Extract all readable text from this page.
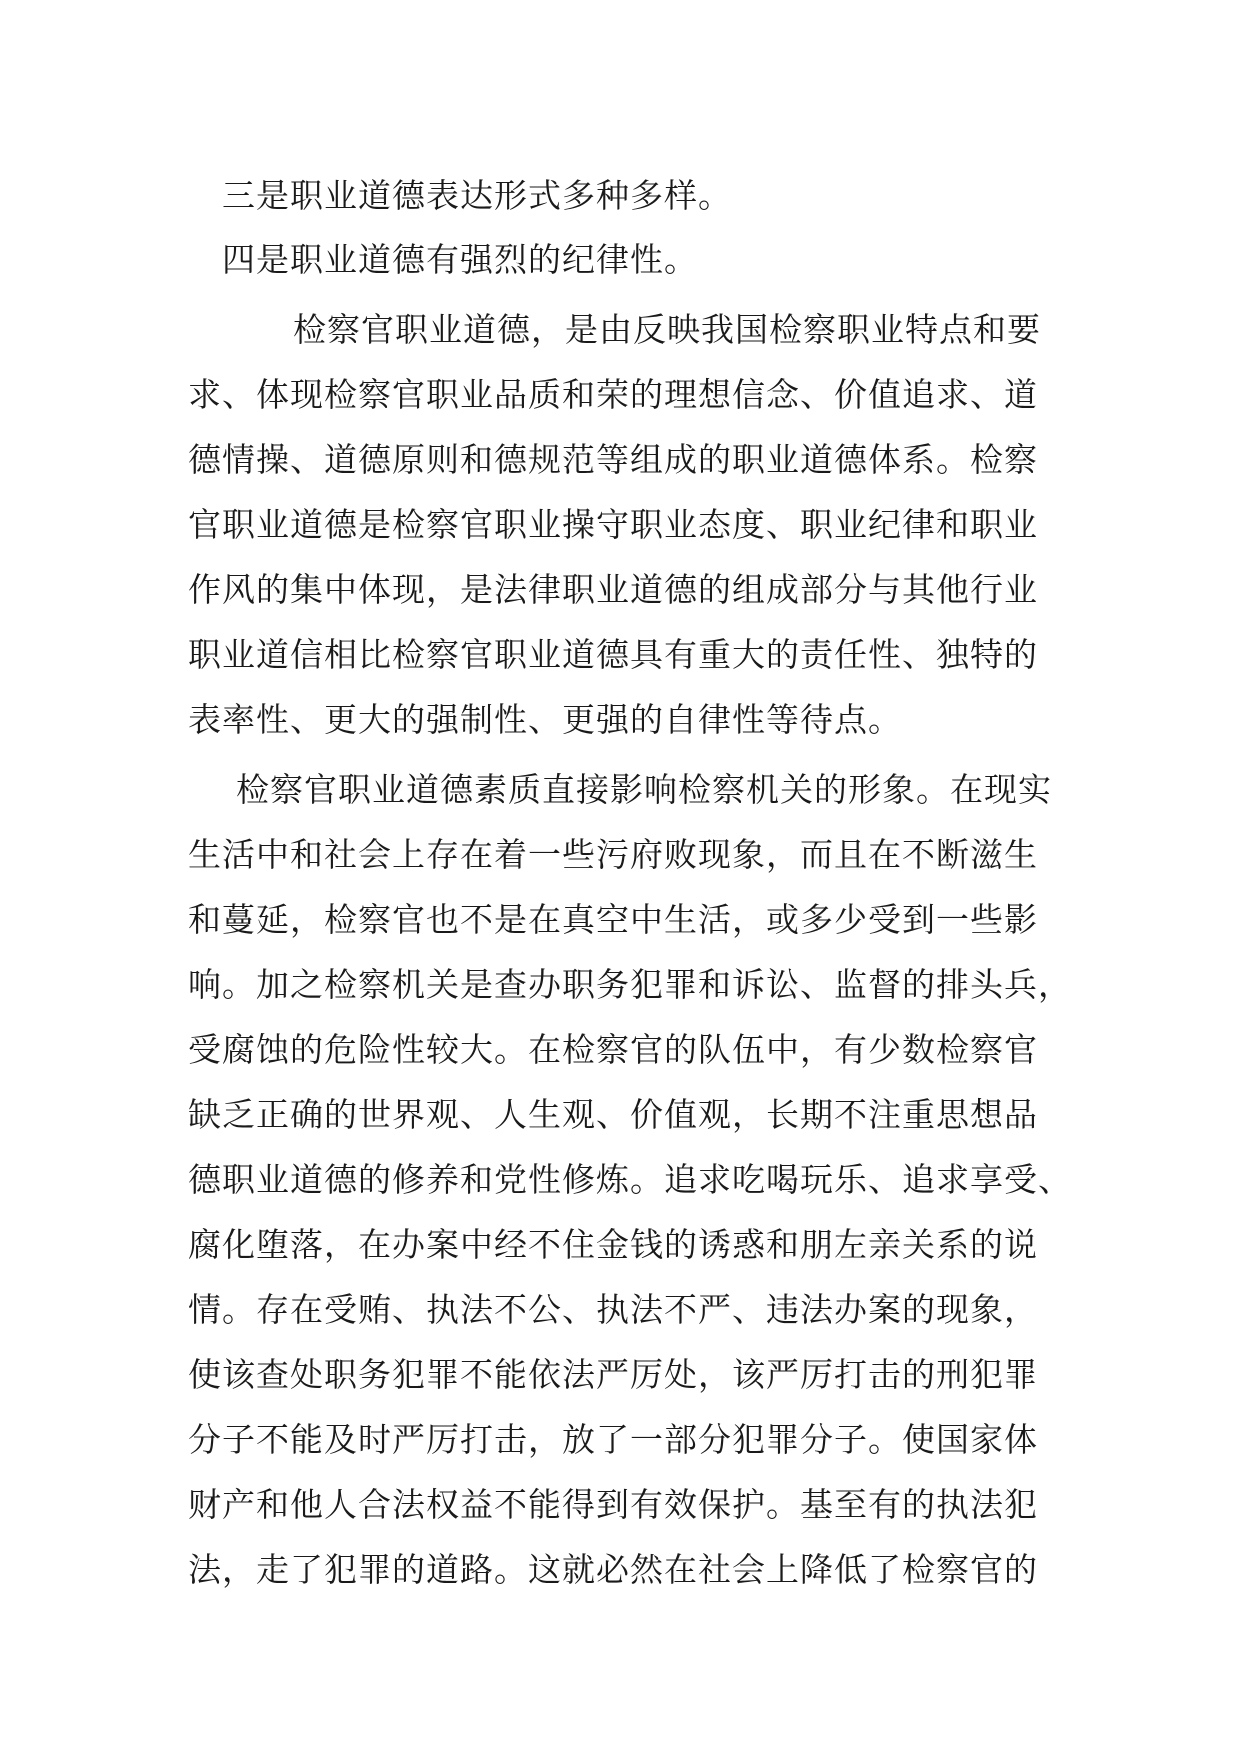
三是职业道德表达形式多种多样。
四是职业道德有强烈的纪律性。
检察官职业道德，是由反映我国检察职业特点和要
求、体现检察官职业品质和荣的理想信念、价值追求、道
德情操、道德原则和德规范等组成的职业道德体系。检察
官职业道德是检察官职业操守职业态度、职业纪律和职业
作风的集中体现，是法律职业道德的组成部分与其他行业
职业道信相比检察官职业道德具有重大的责任性、独特的
表率性、更大的强制性、更强的自律性等待点。
检察官职业道德素质直接影响检察机关的形象。在现实
生活中和社会上存在着一些污府败现象，而且在不断滋生
和蔓延，检察官也不是在真空中生活，或多少受到一些影
响。加之检察机关是查办职务犯罪和诉讼、监督的排头兵，
受腐蚀的危险性较大。在检察官的队伍中，有少数检察官
缺乏正确的世界观、人生观、价值观，长期不注重思想品
德职业道德的修养和党性修炼。追求吃喝玩乐、追求享受、
腐化堕落，在办案中经不住金钱的诱惑和朋左亲关系的说
情。存在受贿、执法不公、执法不严、违法办案的现象，
使该查处职务犯罪不能依法严厉处，该严厉打击的刑犯罪
分子不能及时严厉打击，放了一部分犯罪分子。使国家体
财产和他人合法权益不能得到有效保护。基至有的执法犯
法，走了犯罪的道路。这就必然在社会上降低了检察官的
